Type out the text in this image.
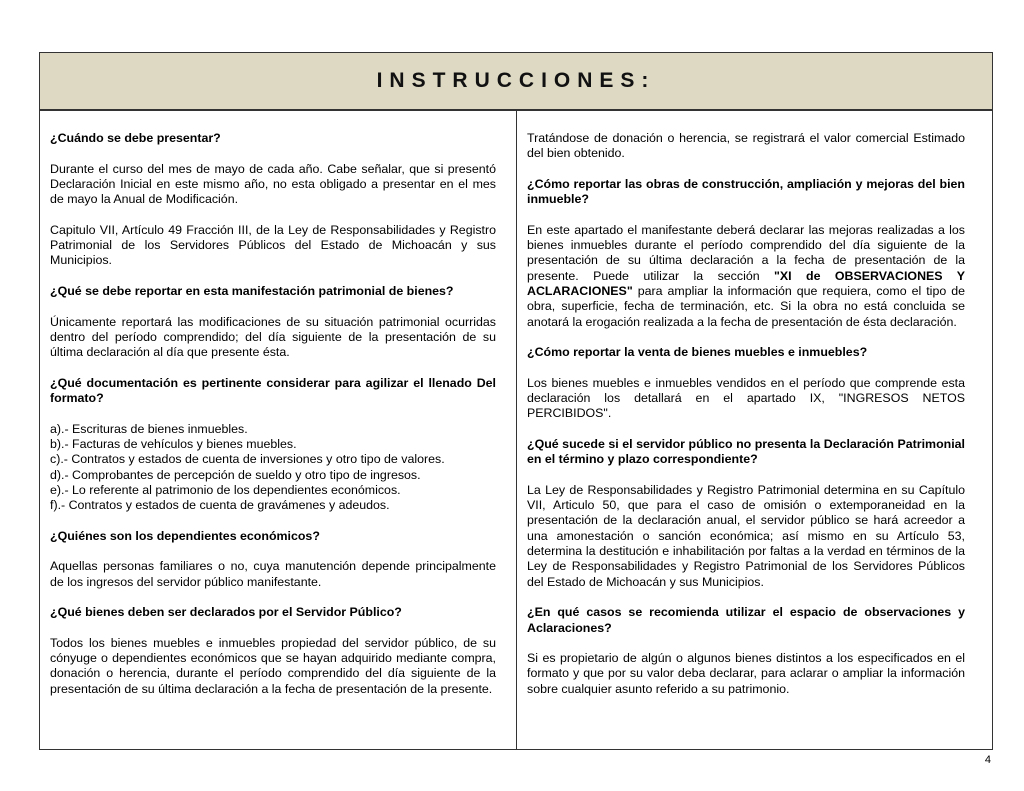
INSTRUCCIONES:

¿Cuándo se debe presentar?

Durante el curso del mes de mayo de cada año. Cabe señalar, que si presentó Declaración Inicial en este mismo año, no esta obligado a presentar en el mes de mayo la Anual de Modificación.

Capitulo VII, Artículo 49 Fracción III, de la Ley de Responsabilidades y Registro Patrimonial de los Servidores Públicos del Estado de Michoacán y sus Municipios.

¿Qué se debe reportar en esta manifestación patrimonial de bienes?

Únicamente reportará las modificaciones de su situación patrimonial ocurridas dentro del período comprendido; del día siguiente de la presentación de su última declaración al día que presente ésta.

¿Qué documentación es pertinente considerar para agilizar el llenado Del formato?

a).- Escrituras de bienes inmuebles.

b).- Facturas de vehículos y bienes muebles.

c).- Contratos y estados de cuenta de inversiones y otro tipo de valores.

d).- Comprobantes de percepción de sueldo y otro tipo de ingresos.

e).- Lo referente al patrimonio de los dependientes económicos.

f).- Contratos y estados de cuenta de gravámenes y adeudos.

¿Quiénes son los dependientes económicos?

Aquellas personas familiares o no, cuya manutención depende principalmente de los ingresos del servidor público manifestante.

¿Qué bienes deben ser declarados por el Servidor Público?

Todos los bienes muebles e inmuebles propiedad del servidor público, de su cónyuge o dependientes económicos que se hayan adquirido mediante compra, donación o herencia, durante el período comprendido del día siguiente de la presentación de su última declaración a la fecha de presentación de la presente.

Tratándose de donación o herencia, se registrará el valor comercial Estimado del bien obtenido.

¿Cómo reportar las obras de construcción, ampliación y mejoras del bien inmueble?

En este apartado el manifestante deberá declarar las mejoras realizadas a los bienes inmuebles durante el período comprendido del día siguiente de la presentación de su última declaración a la fecha de presentación de la presente. Puede utilizar la sección "XI de OBSERVACIONES Y ACLARACIONES" para ampliar la información que requiera, como el tipo de obra, superficie, fecha de terminación, etc. Si la obra no está concluida se anotará la erogación realizada a la fecha de presentación de ésta declaración.

¿Cómo reportar la venta de bienes muebles e inmuebles?

Los bienes muebles e inmuebles vendidos en el período que comprende esta declaración los detallará en el apartado IX, "INGRESOS NETOS PERCIBIDOS".

¿Qué sucede si el servidor público no presenta la Declaración Patrimonial en el término y plazo correspondiente?

La Ley de Responsabilidades y Registro Patrimonial determina en su Capítulo VII, Articulo 50, que para el caso de omisión o extemporaneidad en la presentación de la declaración anual, el servidor público se hará acreedor a una amonestación o sanción económica; así mismo en su Artículo 53, determina la destitución e inhabilitación por faltas a la verdad en términos de la Ley de Responsabilidades y Registro Patrimonial de los Servidores Públicos del Estado de Michoacán y sus Municipios.

¿En qué casos se recomienda utilizar el espacio de observaciones y Aclaraciones?

Si es propietario de algún o algunos bienes distintos a los especificados en el formato y que por su valor deba declarar, para aclarar o ampliar la información sobre cualquier asunto referido a su patrimonio.

4
